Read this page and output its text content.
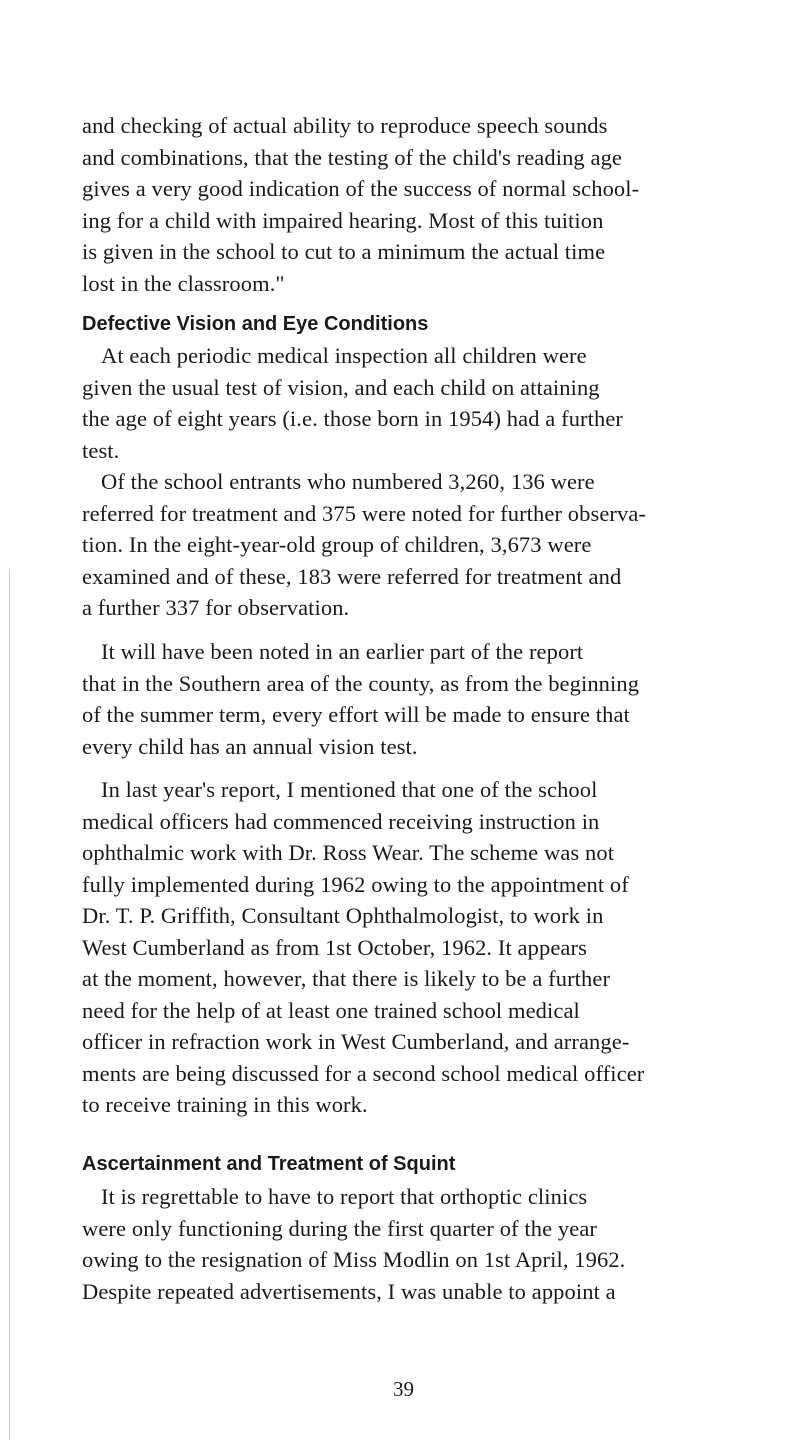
and checking of actual ability to reproduce speech sounds
and combinations, that the testing of the child's reading age
gives a very good indication of the success of normal school-
ing for a child with impaired hearing. Most of this tuition
is given in the school to cut to a minimum the actual time
lost in the classroom."
Defective Vision and Eye Conditions
At each periodic medical inspection all children were
given the usual test of vision, and each child on attaining
the age of eight years (i.e. those born in 1954) had a further
test.
Of the school entrants who numbered 3,260, 136 were
referred for treatment and 375 were noted for further observa-
tion. In the eight-year-old group of children, 3,673 were
examined and of these, 183 were referred for treatment and
a further 337 for observation.
It will have been noted in an earlier part of the report
that in the Southern area of the county, as from the beginning
of the summer term, every effort will be made to ensure that
every child has an annual vision test.
In last year's report, I mentioned that one of the school
medical officers had commenced receiving instruction in
ophthalmic work with Dr. Ross Wear. The scheme was not
fully implemented during 1962 owing to the appointment of
Dr. T. P. Griffith, Consultant Ophthalmologist, to work in
West Cumberland as from 1st October, 1962. It appears
at the moment, however, that there is likely to be a further
need for the help of at least one trained school medical
officer in refraction work in West Cumberland, and arrange-
ments are being discussed for a second school medical officer
to receive training in this work.
Ascertainment and Treatment of Squint
It is regrettable to have to report that orthoptic clinics
were only functioning during the first quarter of the year
owing to the resignation of Miss Modlin on 1st April, 1962.
Despite repeated advertisements, I was unable to appoint a
39
